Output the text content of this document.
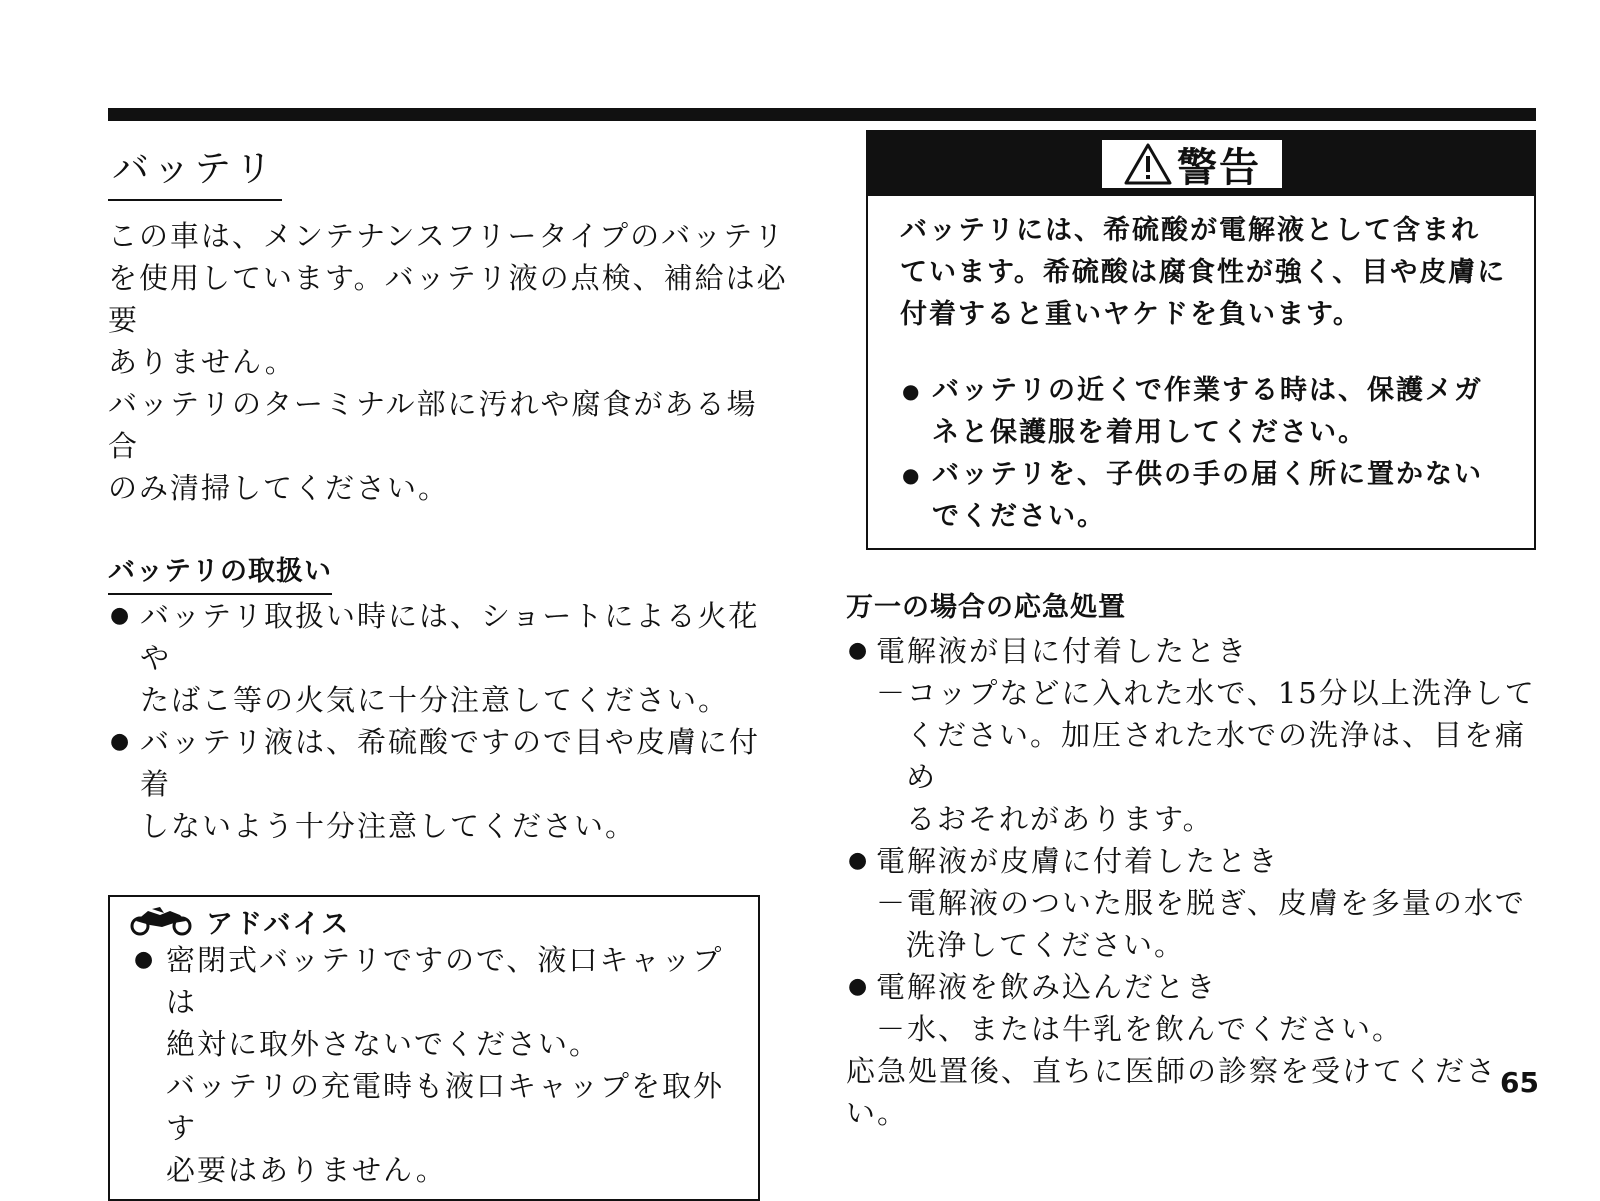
バッテリ

この車は、メンテナンスフリータイプのバッテリ
を使用しています。バッテリ液の点検、補給は必要
ありません。
バッテリのターミナル部に汚れや腐食がある場合
のみ清掃してください。

バッテリの取扱い
● バッテリ取扱い時には、ショートによる火花や
たばこ等の火気に十分注意してください。
● バッテリ液は、希硫酸ですので目や皮膚に付着
しないよう十分注意してください。
アドバイス
● 密閉式バッテリですので、液口キャップは
絶対に取外さないでください。
バッテリの充電時も液口キャップを取外す
必要はありません。
警告

バッテリには、希硫酸が電解液として含まれ
ています。希硫酸は腐食性が強く、目や皮膚に
付着すると重いヤケドを負います。

● バッテリの近くで作業する時は、保護メガ
ネと保護服を着用してください。
● バッテリを、子供の手の届く所に置かない
でください。
万一の場合の応急処置
● 電解液が目に付着したとき

－コップなどに入れた水で、15分以上洗浄して
ください。加圧された水での洗浄は、目を痛め
るおそれがあります。

● 電解液が皮膚に付着したとき

－電解液のついた服を脱ぎ、皮膚を多量の水で
洗浄してください。

● 電解液を飲み込んだとき

－水、または牛乳を飲んでください。

応急処置後、直ちに医師の診察を受けてください。

65
